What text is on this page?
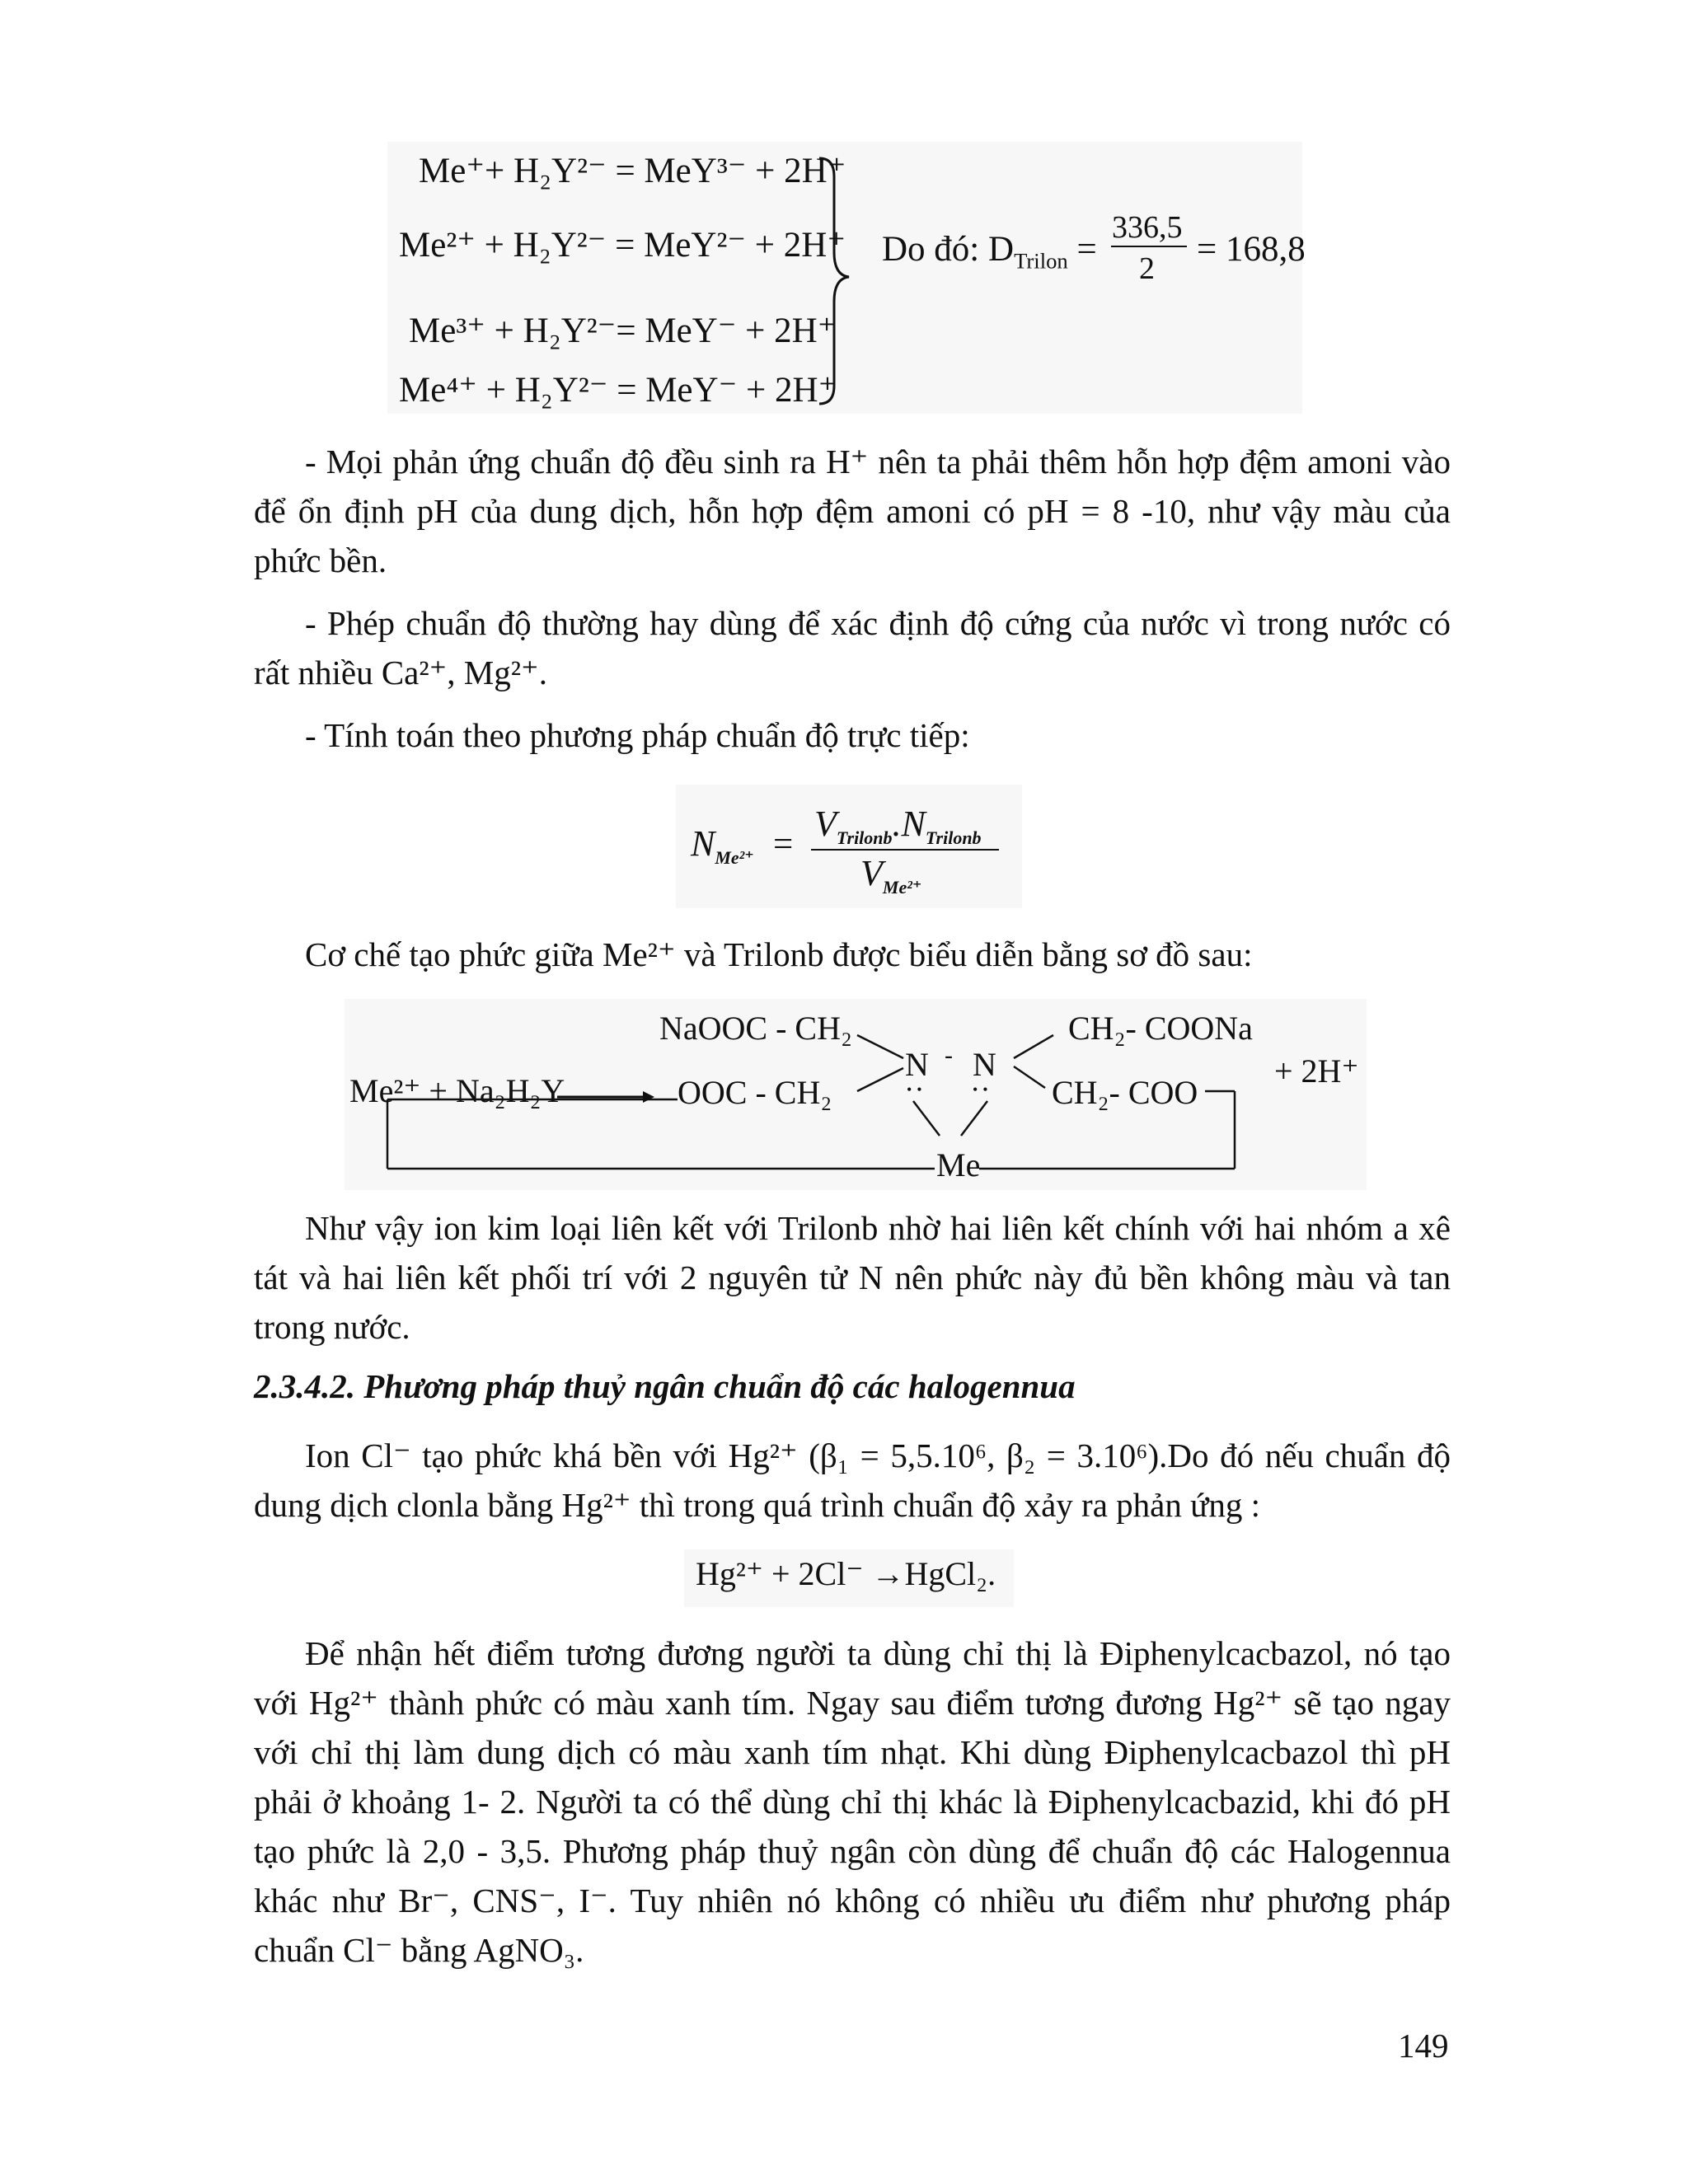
Me⁺+ H₂Y²⁻ = MeY³⁻ + 2H⁺
Me²⁺ + H₂Y²⁻ = MeY²⁻ + 2H⁺
Me³⁺ + H₂Y²⁻= MeY⁻ + 2H⁺
Me⁴⁺ + H₂Y²⁻ = MeY⁻ + 2H⁺
Do đó: $D_{Trilon}$ =
336,5
2 = 168,8

- Mọi phản ứng chuẩn độ đều sinh ra H⁺ nên ta phải thêm hỗn hợp đệm amoni vào để ổn định pH của dung dịch, hỗn hợp đệm amoni có pH = 8 -10, như vậy màu của phức bền.

- Phép chuẩn độ thường hay dùng để xác định độ cứng của nước vì trong nước có rất nhiều Ca²⁺, Mg²⁺.

- Tính toán theo phương pháp chuẩn độ trực tiếp:

$N_{Me^{2+}}$ =
$V_{Trilonb}.N_{Trilonb}$
$V_{Me^{2+}}$

Cơ chế tạo phức giữa Me²⁺ và Trilonb được biểu diễn bằng sơ đồ sau:

Me²⁺ + Na₂H₂Y
NaOOC - CH₂
OOC - CH₂
N - N
••	••
CH₂- COONa
CH₂- COO
Me
+ 2H⁺

Như vậy ion kim loại liên kết với Trilonb nhờ hai liên kết chính với hai nhóm a xê tát và hai liên kết phối trí với 2 nguyên tử N nên phức này đủ bền không màu và tan trong nước.

2.3.4.2. Phương pháp thuỷ ngân chuẩn độ các halogennua

Ion Cl⁻ tạo phức khá bền với Hg²⁺ (β₁ = 5,5.10⁶, β₂ = 3.10⁶).Do đó nếu chuẩn độ dung dịch clonla bằng Hg²⁺ thì trong quá trình chuẩn độ xảy ra phản ứng :

Hg²⁺ + 2Cl⁻ →HgCl₂.

Để nhận hết điểm tương đương người ta dùng chỉ thị là Điphenylcacbazol, nó tạo với Hg²⁺ thành phức có màu xanh tím. Ngay sau điểm tương đương Hg²⁺ sẽ tạo ngay với chỉ thị làm dung dịch có màu xanh tím nhạt. Khi dùng Điphenylcacbazol thì pH phải ở khoảng 1- 2. Người ta có thể dùng chỉ thị khác là Điphenylcacbazid, khi đó pH tạo phức là 2,0 - 3,5. Phương pháp thuỷ ngân còn dùng để chuẩn độ các Halogennua khác như Br⁻, CNS⁻, I⁻. Tuy nhiên nó không có nhiều ưu điểm như phương pháp chuẩn Cl⁻ bằng AgNO₃.

149
